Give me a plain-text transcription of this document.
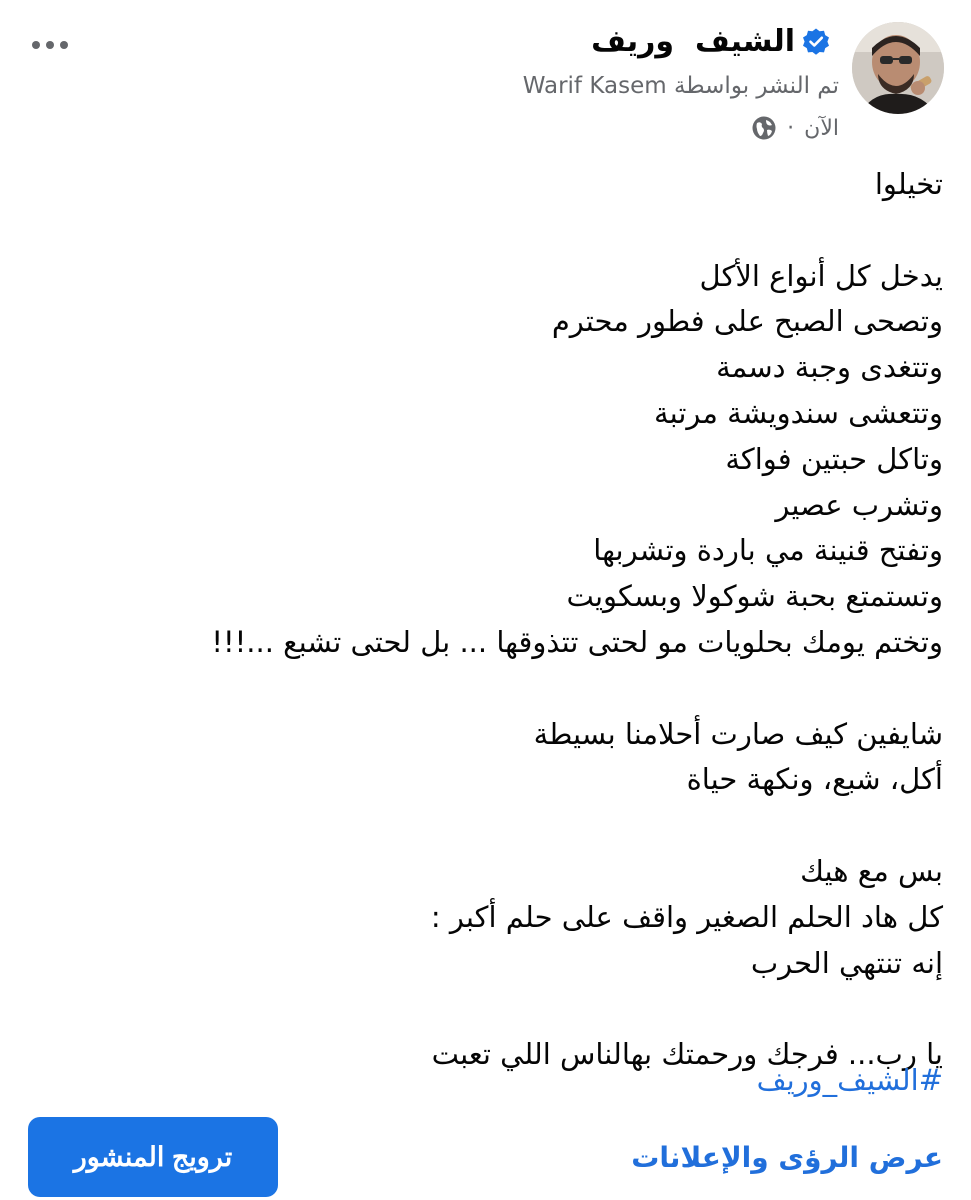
الشيف  وريف
تم النشر بواسطة Warif Kasem
الآن
·
تخيلوا
يدخل كل أنواع الأكل
وتصحى الصبح على فطور محترم
وتتغدى وجبة دسمة
وتتعشى سندويشة مرتبة
وتاكل حبتين فواكة
وتشرب عصير
وتفتح قنينة مي باردة وتشربها
وتستمتع بحبة شوكولا وبسكويت
وتختم يومك بحلويات مو لحتى تتذوقها ... بل لحتى تشبع ...!!!
شايفين كيف صارت أحلامنا بسيطة
أكل، شبع، ونكهة حياة
بس مع هيك
كل هاد الحلم الصغير واقف على حلم أكبر :
إنه تنتهي الحرب
يا رب... فرجك ورحمتك بهالناس اللي تعبت
#الشيف_وريف
عرض الرؤى والإعلانات
ترويج المنشور
